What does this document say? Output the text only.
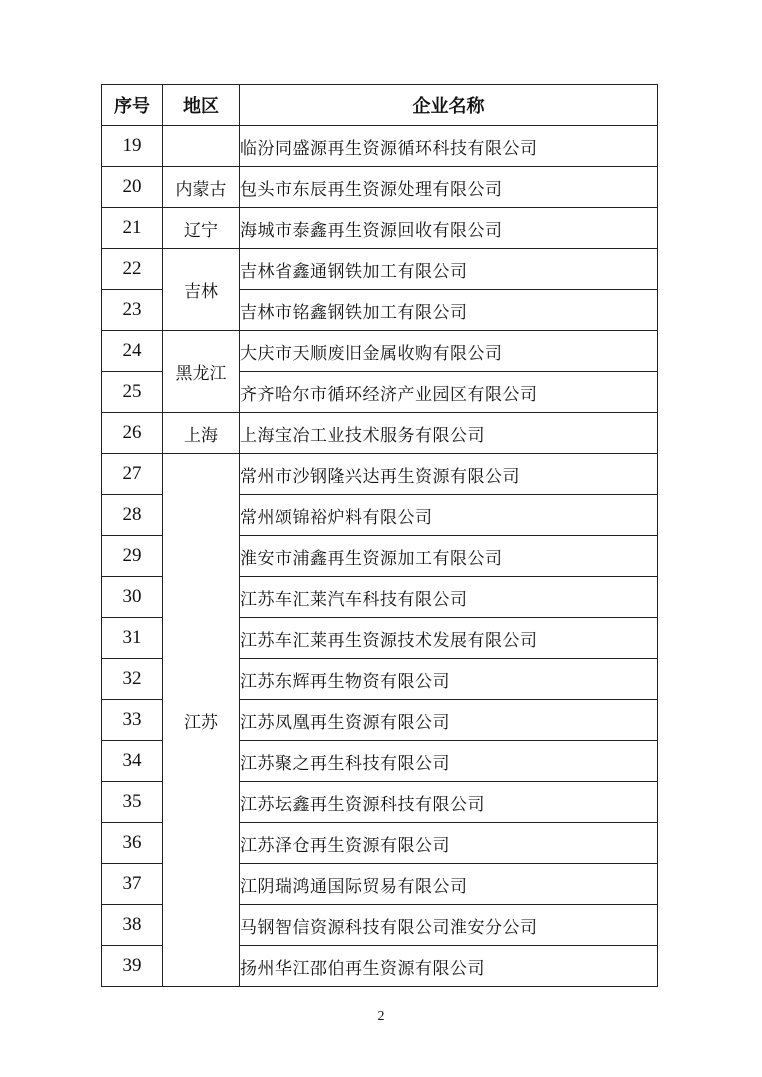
序号	地区	企业名称
19		临汾同盛源再生资源循环科技有限公司
20	内蒙古	包头市东辰再生资源处理有限公司
21	辽宁	海城市泰鑫再生资源回收有限公司
22	吉林	吉林省鑫通钢铁加工有限公司
23		吉林市铭鑫钢铁加工有限公司
24	黑龙江	大庆市天顺废旧金属收购有限公司
25		齐齐哈尔市循环经济产业园区有限公司
26	上海	上海宝冶工业技术服务有限公司
27	江苏	常州市沙钢隆兴达再生资源有限公司
28		常州颂锦裕炉料有限公司
29		淮安市浦鑫再生资源加工有限公司
30		江苏车汇莱汽车科技有限公司
31		江苏车汇莱再生资源技术发展有限公司
32		江苏东辉再生物资有限公司
33		江苏凤凰再生资源有限公司
34		江苏聚之再生科技有限公司
35		江苏坛鑫再生资源科技有限公司
36		江苏泽仓再生资源有限公司
37		江阴瑞鸿通国际贸易有限公司
38		马钢智信资源科技有限公司淮安分公司
39		扬州华江邵伯再生资源有限公司
2
